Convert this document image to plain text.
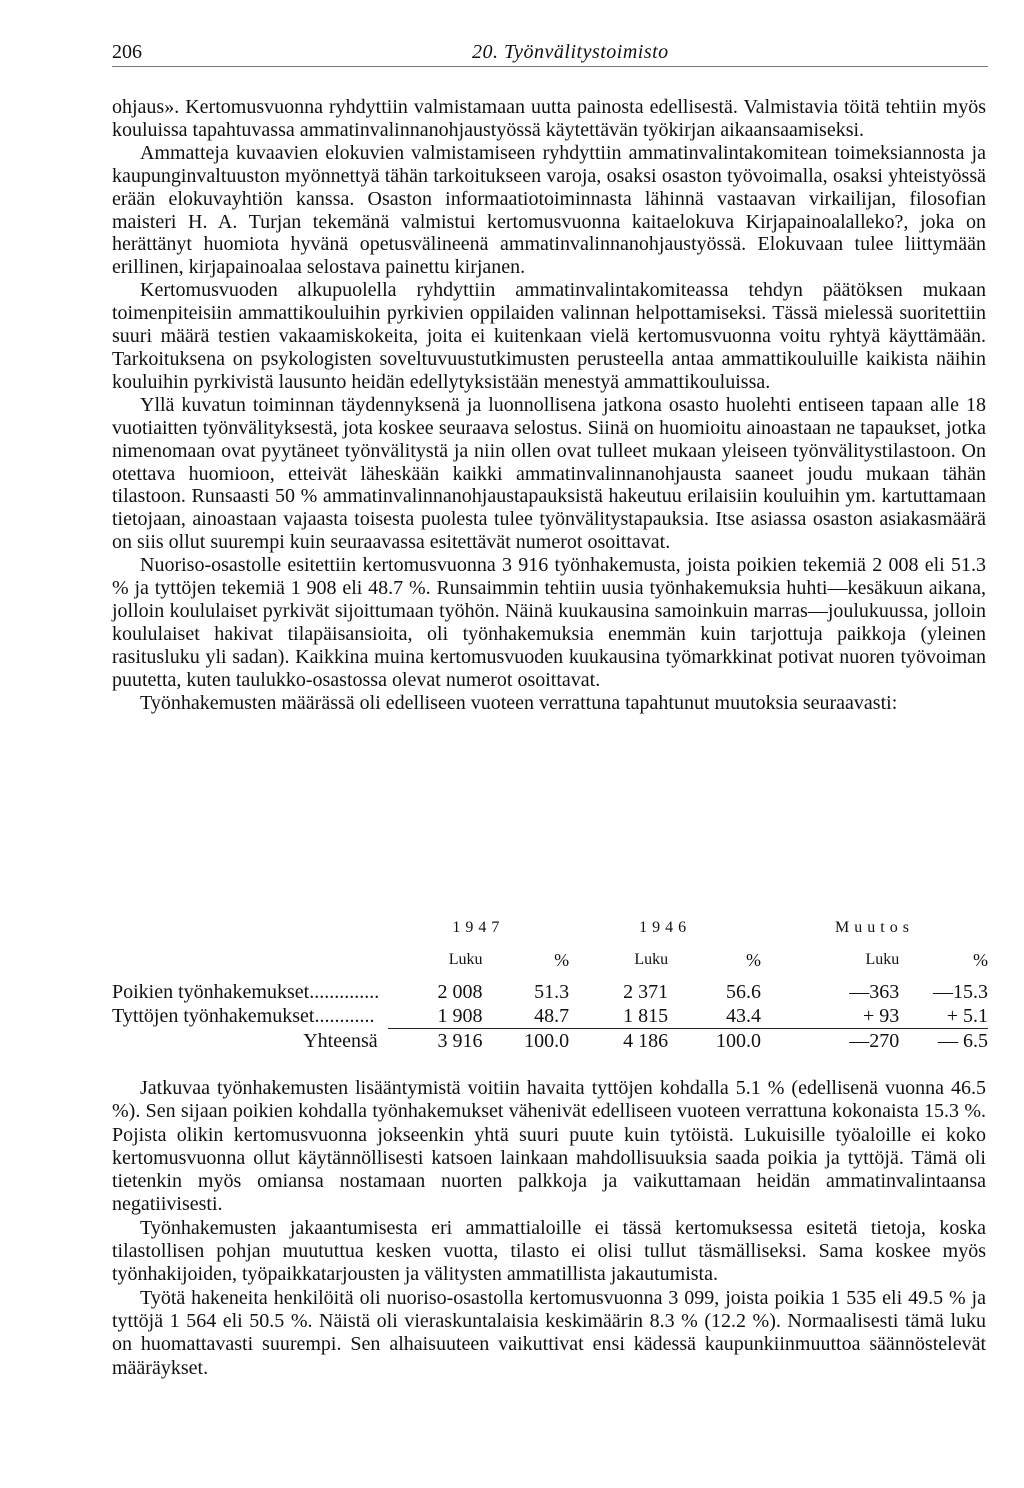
206	20. Työnvälitystoimisto

ohjaus». Kertomusvuonna ryhdyttiin valmistamaan uutta painosta edellisestä. Valmistavia töitä tehtiin myös kouluissa tapahtuvassa ammatinvalinnanohjaustyössä käytettävän työkirjan aikaansaamiseksi.

Ammatteja kuvaavien elokuvien valmistamiseen ryhdyttiin ammatinvalintakomitean toimeksiannosta ja kaupunginvaltuuston myönnettyä tähän tarkoitukseen varoja, osaksi osaston työvoimalla, osaksi yhteistyössä erään elokuvayhtiön kanssa. Osaston informaatiotoiminnasta lähinnä vastaavan virkailijan, filosofian maisteri H. A. Turjan tekemänä valmistui kertomusvuonna kaitaelokuva Kirjapainoalalleko?, joka on herättänyt huomiota hyvänä opetusvälineenä ammatinvalinnanohjaustyössä. Elokuvaan tulee liittymään erillinen, kirjapainoalaa selostava painettu kirjanen.

Kertomusvuoden alkupuolella ryhdyttiin ammatinvalintakomiteassa tehdyn päätöksen mukaan toimenpiteisiin ammattikouluihin pyrkivien oppilaiden valinnan helpottamiseksi. Tässä mielessä suoritettiin suuri määrä testien vakaamiskokeita, joita ei kuitenkaan vielä kertomusvuonna voitu ryhtyä käyttämään. Tarkoituksena on psykologisten soveltuvuustutkimusten perusteella antaa ammattikouluille kaikista näihin kouluihin pyrkivistä lausunto heidän edellytyksistään menestyä ammattikouluissa.

Yllä kuvatun toiminnan täydennyksenä ja luonnollisena jatkona osasto huolehti entiseen tapaan alle 18 vuotiaitten työnvälityksestä, jota koskee seuraava selostus. Siinä on huomioitu ainoastaan ne tapaukset, jotka nimenomaan ovat pyytäneet työnvälitystä ja niin ollen ovat tulleet mukaan yleiseen työnvälitystilastoon. On otettava huomioon, etteivät läheskään kaikki ammatinvalinnanohjausta saaneet joudu mukaan tähän tilastoon. Runsaasti 50 % ammatinvalinnanohjaustapauksistä hakeutuu erilaisiin kouluihin ym. kartuttamaan tietojaan, ainoastaan vajaasta toisesta puolesta tulee työnvälitystapauksia. Itse asiassa osaston asiakasmäärä on siis ollut suurempi kuin seuraavassa esitettävät numerot osoittavat.

Nuoriso-osastolle esitettiin kertomusvuonna 3 916 työnhakemusta, joista poikien tekemiä 2 008 eli 51.3 % ja tyttöjen tekemiä 1 908 eli 48.7 %. Runsaimmin tehtiin uusia työnhakemuksia huhti—kesäkuun aikana, jolloin koululaiset pyrkivät sijoittumaan työhön. Näinä kuukausina samoinkuin marras—joulukuussa, jolloin koululaiset hakivat tilapäisansioita, oli työnhakemuksia enemmän kuin tarjottuja paikkoja (yleinen rasitusluku yli sadan). Kaikkina muina kertomusvuoden kuukausina työmarkkinat potivat nuoren työvoiman puutetta, kuten taulukko-osastossa olevat numerot osoittavat.

Työnhakemusten määrässä oli edelliseen vuoteen verrattuna tapahtunut muutoksia seuraavasti:

	1947		1946		Muutos	
	Luku	%	Luku	%	Luku	%
Poikien työnhakemukset..............	2 008	51.3	2 371	56.6	—363	—15.3
Tyttöjen työnhakemukset............	1 908	48.7	1 815	43.4	+ 93	+ 5.1
Yhteensä	3 916	100.0	4 186	100.0	—270	— 6.5

Jatkuvaa työnhakemusten lisääntymistä voitiin havaita tyttöjen kohdalla 5.1 % (edellisenä vuonna 46.5 %). Sen sijaan poikien kohdalla työnhakemukset vähenivät edelliseen vuoteen verrattuna kokonaista 15.3 %. Pojista olikin kertomusvuonna jokseenkin yhtä suuri puute kuin tytöistä. Lukuisille työaloille ei koko kertomusvuonna ollut käytännöllisesti katsoen lainkaan mahdollisuuksia saada poikia ja tyttöjä. Tämä oli tietenkin myös omiansa nostamaan nuorten palkkoja ja vaikuttamaan heidän ammatinvalintaansa negatiivisesti.

Työnhakemusten jakaantumisesta eri ammattialoille ei tässä kertomuksessa esitetä tietoja, koska tilastollisen pohjan muututtua kesken vuotta, tilasto ei olisi tullut täsmälliseksi. Sama koskee myös työnhakijoiden, työpaikkatarjousten ja välitysten ammatillista jakautumista.

Työtä hakeneita henkilöitä oli nuoriso-osastolla kertomusvuonna 3 099, joista poikia 1 535 eli 49.5 % ja tyttöjä 1 564 eli 50.5 %. Näistä oli vieraskuntalaisia keskimäärin 8.3 % (12.2 %). Normaalisesti tämä luku on huomattavasti suurempi. Sen alhaisuuteen vaikuttivat ensi kädessä kaupunkiinmuuttoa säännöstelevät määräykset.
